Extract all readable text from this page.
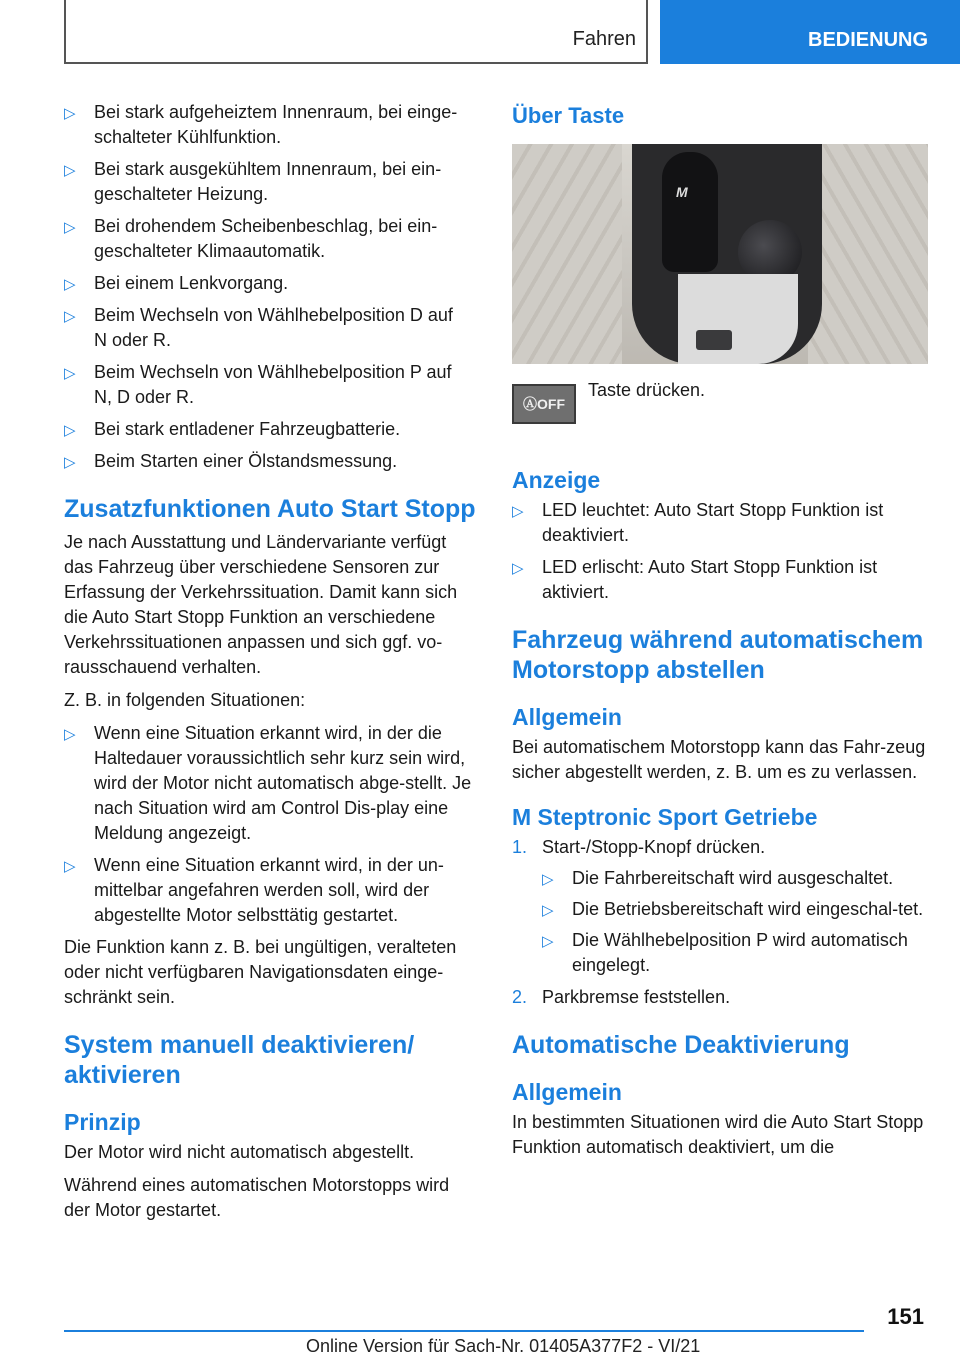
Fahren	BEDIENUNG
▷ Bei stark aufgeheiztem Innenraum, bei einge-
schalteter Kühlfunktion.
▷ Bei stark ausgekühltem Innenraum, bei ein-
geschalteter Heizung.
▷ Bei drohendem Scheibenbeschlag, bei ein-
geschalteter Klimaautomatik.
▷ Bei einem Lenkvorgang.
▷ Beim Wechseln von Wählhebelposition D auf
N oder R.
▷ Beim Wechseln von Wählhebelposition P auf
N, D oder R.
▷ Bei stark entladener Fahrzeugbatterie.
▷ Beim Starten einer Ölstandsmessung.
Zusatzfunktionen Auto Start Stopp

Je nach Ausstattung und Ländervariante verfügt das Fahrzeug über verschiedene Sensoren zur Erfassung der Verkehrssituation. Damit kann sich die Auto Start Stopp Funktion an verschiedene Verkehrssituationen anpassen und sich ggf. vo-rausschauend verhalten.

Z. B. in folgenden Situationen:

▷ Wenn eine Situation erkannt wird, in der die Haltedauer voraussichtlich sehr kurz sein wird, wird der Motor nicht automatisch abge-stellt. Je nach Situation wird am Control Dis-play eine Meldung angezeigt.
▷ Wenn eine Situation erkannt wird, in der un-mittelbar angefahren werden soll, wird der abgestellte Motor selbsttätig gestartet.

Die Funktion kann z. B. bei ungültigen, veralteten oder nicht verfügbaren Navigationsdaten einge-schränkt sein.

System manuell deaktivieren/ aktivieren
Prinzip

Der Motor wird nicht automatisch abgestellt.

Während eines automatischen Motorstopps wird der Motor gestartet.

Über Taste
M
ⒶOFF
Taste drücken.
Anzeige
▷ LED leuchtet: Auto Start Stopp Funktion ist deaktiviert.
▷ LED erlischt: Auto Start Stopp Funktion ist aktiviert.
Fahrzeug während automatischem Motorstopp abstellen
Allgemein

Bei automatischem Motorstopp kann das Fahr-zeug sicher abgestellt werden, z. B. um es zu verlassen.

M Steptronic Sport Getriebe
1. Start-/Stopp-Knopf drücken.
▷ Die Fahrbereitschaft wird ausgeschaltet.
▷ Die Betriebsbereitschaft wird eingeschal-tet.
▷ Die Wählhebelposition P wird automatisch eingelegt.
2. Parkbremse feststellen.
Automatische Deaktivierung
Allgemein

In bestimmten Situationen wird die Auto Start Stopp Funktion automatisch deaktiviert, um die

151
Online Version für Sach-Nr. 01405A377F2 - VI/21
